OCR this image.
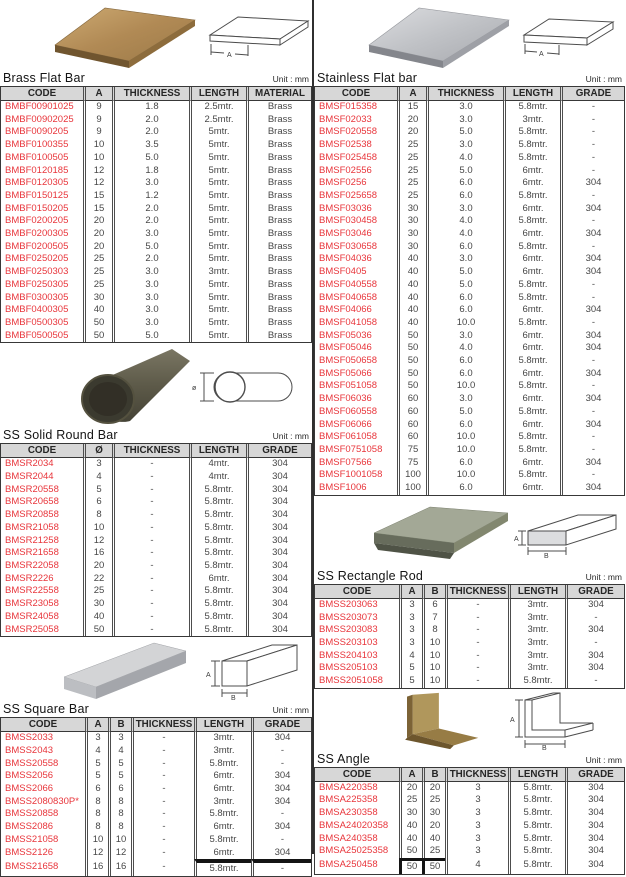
A
Brass Flat Bar	Unit : mm
CODE	A	THICKNESS	LENGTH	MATERIAL
BMBF00901025	9	1.8	2.5mtr.	Brass
BMBF00902025	9	2.0	2.5mtr.	Brass
BMBF0090205	9	2.0	5mtr.	Brass
BMBF0100355	10	3.5	5mtr.	Brass
BMBF0100505	10	5.0	5mtr.	Brass
BMBF0120185	12	1.8	5mtr.	Brass
BMBF0120305	12	3.0	5mtr.	Brass
BMBF0150125	15	1.2	5mtr.	Brass
BMBF0150205	15	2.0	5mtr.	Brass
BMBF0200205	20	2.0	5mtr.	Brass
BMBF0200305	20	3.0	5mtr.	Brass
BMBF0200505	20	5.0	5mtr.	Brass
BMBF0250205	25	2.0	5mtr.	Brass
BMBF0250303	25	3.0	3mtr.	Brass
BMBF0250305	25	3.0	5mtr.	Brass
BMBF0300305	30	3.0	5mtr.	Brass
BMBF0400305	40	3.0	5mtr.	Brass
BMBF0500305	50	3.0	5mtr.	Brass
BMBF0500505	50	5.0	5mtr.	Brass
ø
SS Solid Round Bar	Unit : mm
CODE	Ø	THICKNESS	LENGTH	GRADE
BMSR2034	3	-	4mtr.	304
BMSR2044	4	-	4mtr.	304
BMSR20558	5	-	5.8mtr.	304
BMSR20658	6	-	5.8mtr.	304
BMSR20858	8	-	5.8mtr.	304
BMSR21058	10	-	5.8mtr.	304
BMSR21258	12	-	5.8mtr.	304
BMSR21658	16	-	5.8mtr.	304
BMSR22058	20	-	5.8mtr.	304
BMSR2226	22	-	6mtr.	304
BMSR22558	25	-	5.8mtr.	304
BMSR23058	30	-	5.8mtr.	304
BMSR24058	40	-	5.8mtr.	304
BMSR25058	50	-	5.8mtr.	304
A
B
SS Square Bar	Unit : mm
CODE	A	B	THICKNESS	LENGTH	GRADE
BMSS2033	3	3	-	3mtr.	304
BMSS2043	4	4	-	3mtr.	-
BMSS20558	5	5	-	5.8mtr.	-
BMSS2056	5	5	-	6mtr.	304
BMSS2066	6	6	-	6mtr.	304
BMSS2080830P*	8	8	-	3mtr.	304
BMSS20858	8	8	-	5.8mtr.	-
BMSS2086	8	8	-	6mtr.	304
BMSS21058	10	10	-	5.8mtr.	-
BMSS2126	12	12	-	6mtr.	304
BMSS21658	16	16	-	5.8mtr.	-
A
Stainless Flat bar	Unit : mm
CODE	A	THICKNESS	LENGTH	GRADE
BMSF015358	15	3.0	5.8mtr.	-
BMSF02033	20	3.0	3mtr.	-
BMSF020558	20	5.0	5.8mtr.	-
BMSF02538	25	3.0	5.8mtr.	-
BMSF025458	25	4.0	5.8mtr.	-
BMSF02556	25	5.0	6mtr.	-
BMSF0256	25	6.0	6mtr.	304
BMSF025658	25	6.0	5.8mtr.	-
BMSF03036	30	3.0	6mtr.	304
BMSF030458	30	4.0	5.8mtr.	-
BMSF03046	30	4.0	6mtr.	304
BMSF030658	30	6.0	5.8mtr.	-
BMSF04036	40	3.0	6mtr.	304
BMSF0405	40	5.0	6mtr.	304
BMSF040558	40	5.0	5.8mtr.	-
BMSF040658	40	6.0	5.8mtr.	-
BMSF04066	40	6.0	6mtr.	304
BMSF041058	40	10.0	5.8mtr.	-
BMSF05036	50	3.0	6mtr.	304
BMSF05046	50	4.0	6mtr.	304
BMSF050658	50	6.0	5.8mtr.	-
BMSF05066	50	6.0	6mtr.	304
BMSF051058	50	10.0	5.8mtr.	-
BMSF06036	60	3.0	6mtr.	304
BMSF060558	60	5.0	5.8mtr.	-
BMSF06066	60	6.0	6mtr.	304
BMSF061058	60	10.0	5.8mtr.	-
BMSF0751058	75	10.0	5.8mtr.	-
BMSF07566	75	6.0	6mtr.	304
BMSF1001058	100	10.0	5.8mtr.	-
BMSF1006	100	6.0	6mtr.	304
A
B
SS Rectangle Rod	Unit : mm
CODE	A	B	THICKNESS	LENGTH	GRADE
BMSS203063	3	6	-	3mtr.	304
BMSS203073	3	7	-	3mtr.	-
BMSS203083	3	8	-	3mtr.	304
BMSS203103	3	10	-	3mtr.	-
BMSS204103	4	10	-	3mtr.	304
BMSS205103	5	10	-	3mtr.	304
BMSS2051058	5	10	-	5.8mtr.	-
A
B
SS Angle	Unit : mm
CODE	A	B	THICKNESS	LENGTH	GRADE
BMSA220358	20	20	3	5.8mtr.	304
BMSA225358	25	25	3	5.8mtr.	304
BMSA230358	30	30	3	5.8mtr.	304
BMSA24020358	40	20	3	5.8mtr.	304
BMSA240358	40	40	3	5.8mtr.	304
BMSA25025358	50	25	3	5.8mtr.	304
BMSA250458	50	50	4	5.8mtr.	304
